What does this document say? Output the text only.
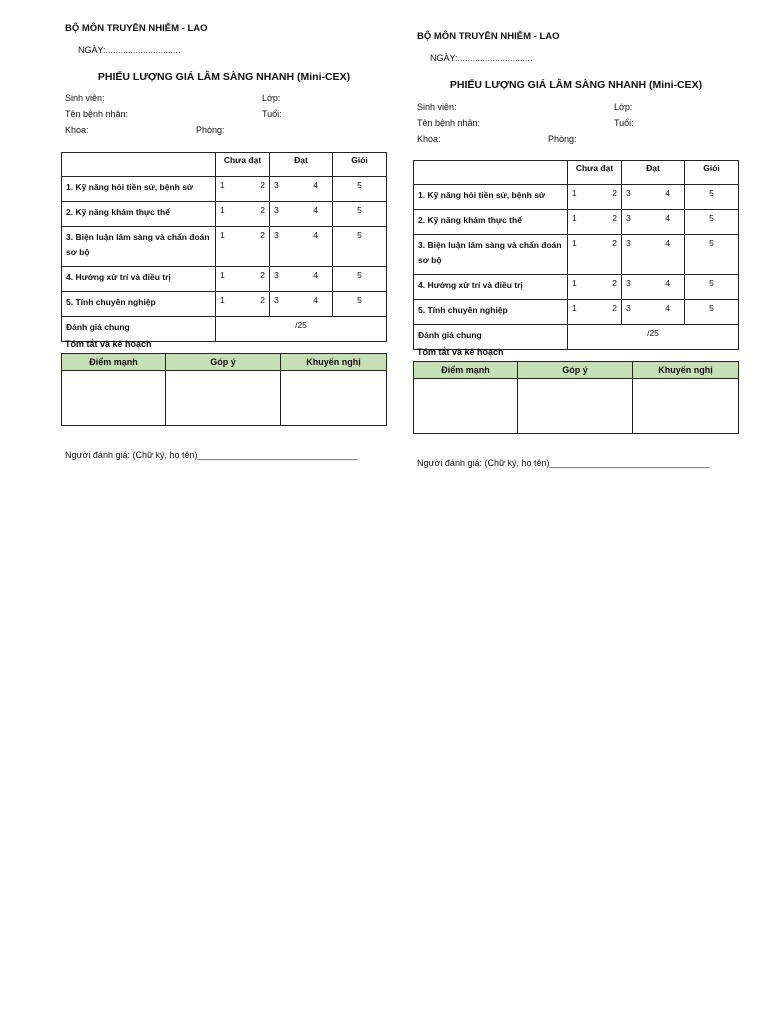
BỘ MÔN TRUYỀN NHIỄM - LAO
NGÀY:..............................
PHIẾU LƯỢNG GIÁ LÂM SÀNG NHANH (Mini-CEX)
Sinh viên:	Lớp:
Tên bệnh nhân:	Tuổi:
Khoa:	Phòng:
	Chưa đạt	Đạt	Giỏi
1. Kỹ năng hỏi tiền sử, bệnh sử	1 2	3 4	5
2. Kỹ năng khám thực thể	1 2	3 4	5
3. Biện luận lâm sàng và chẩn đoán sơ bộ	1 2	3 4	5
4. Hướng xử trí và điều trị	1 2	3 4	5
5. Tính chuyên nghiệp	1 2	3 4	5
Đánh giá chung	/25		
Tóm tắt và kế hoạch
Điểm mạnh	Góp ý	Khuyến nghị

Người đánh giá: (Chữ ký, họ tên)________________________________
BỘ MÔN TRUYỀN NHIỄM - LAO
NGÀY:..............................
PHIẾU LƯỢNG GIÁ LÂM SÀNG NHANH (Mini-CEX)
Sinh viên:	Lớp:
Tên bệnh nhân:	Tuổi:
Khoa:	Phòng:
	Chưa đạt	Đạt	Giỏi
1. Kỹ năng hỏi tiền sử, bệnh sử	1 2	3 4	5
2. Kỹ năng khám thực thể	1 2	3 4	5
3. Biện luận lâm sàng và chẩn đoán sơ bộ	1 2	3 4	5
4. Hướng xử trí và điều trị	1 2	3 4	5
5. Tính chuyên nghiệp	1 2	3 4	5
Đánh giá chung	/25		
Tóm tắt và kế hoạch
Điểm mạnh	Góp ý	Khuyến nghị

Người đánh giá: (Chữ ký, họ tên)________________________________
